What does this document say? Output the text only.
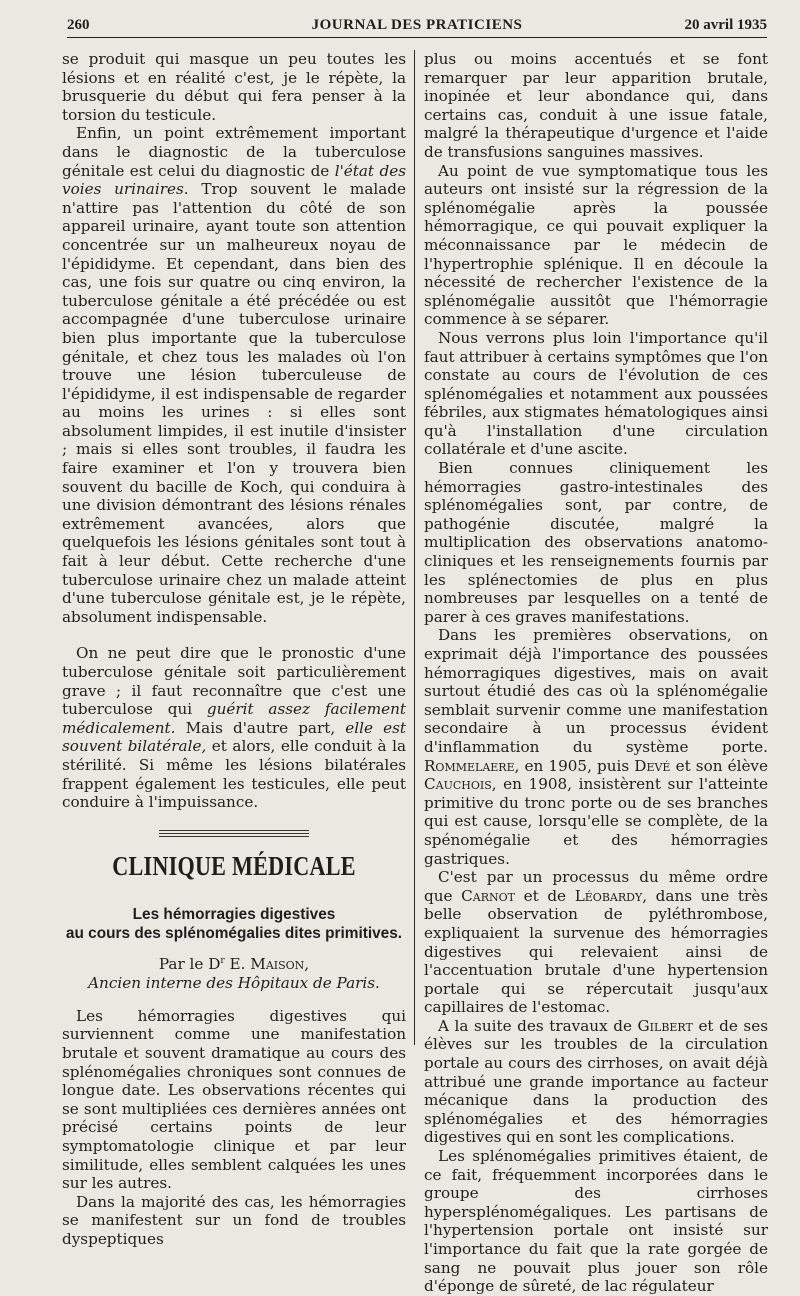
260	JOURNAL DES PRATICIENS	20 avril 1935

se produit qui masque un peu toutes les lésions et en réalité c'est, je le répète, la brusquerie du début qui fera penser à la torsion du testicule.

Enfin, un point extrêmement important dans le diagnostic de la tuberculose génitale est celui du diagnostic de l'état des voies urinaires. Trop souvent le malade n'attire pas l'attention du côté de son appareil urinaire, ayant toute son attention concentrée sur un malheureux noyau de l'épididyme. Et cependant, dans bien des cas, une fois sur quatre ou cinq environ, la tuberculose génitale a été précédée ou est accompagnée d'une tuberculose urinaire bien plus importante que la tuberculose génitale, et chez tous les malades où l'on trouve une lésion tuberculeuse de l'épididyme, il est indispensable de regarder au moins les urines : si elles sont absolument limpides, il est inutile d'insister ; mais si elles sont troubles, il faudra les faire examiner et l'on y trouvera bien souvent du bacille de Koch, qui conduira à une division démontrant des lésions rénales extrêmement avancées, alors que quelquefois les lésions génitales sont tout à fait à leur début. Cette recherche d'une tuberculose urinaire chez un malade atteint d'une tuberculose génitale est, je le répète, absolument indispensable.

On ne peut dire que le pronostic d'une tuberculose génitale soit particulièrement grave ; il faut reconnaître que c'est une tuberculose qui guérit assez facilement médicalement. Mais d'autre part, elle est souvent bilatérale, et alors, elle conduit à la stérilité. Si même les lésions bilatérales frappent également les testicules, elle peut conduire à l'impuissance.

CLINIQUE MÉDICALE
Les hémorragies digestives
au cours des splénomégalies dites primitives.
Par le $D^r$ E. Maison,
Ancien interne des Hôpitaux de Paris.

Les hémorragies digestives qui surviennent comme une manifestation brutale et souvent dramatique au cours des splénomégalies chroniques sont connues de longue date. Les observations récentes qui se sont multipliées ces dernières années ont précisé certains points de leur symptomatologie clinique et par leur similitude, elles semblent calquées les unes sur les autres.

Dans la majorité des cas, les hémorragies se manifestent sur un fond de troubles dyspeptiques

plus ou moins accentués et se font remarquer par leur apparition brutale, inopinée et leur abondance qui, dans certains cas, conduit à une issue fatale, malgré la thérapeutique d'urgence et l'aide de transfusions sanguines massives.

Au point de vue symptomatique tous les auteurs ont insisté sur la régression de la splénomégalie après la poussée hémorragique, ce qui pouvait expliquer la méconnaissance par le médecin de l'hypertrophie splénique. Il en découle la nécessité de rechercher l'existence de la splénomégalie aussitôt que l'hémorragie commence à se séparer.

Nous verrons plus loin l'importance qu'il faut attribuer à certains symptômes que l'on constate au cours de l'évolution de ces splénomégalies et notamment aux poussées fébriles, aux stigmates hématologiques ainsi qu'à l'installation d'une circulation collatérale et d'une ascite.

Bien connues cliniquement les hémorragies gastro-intestinales des splénomégalies sont, par contre, de pathogénie discutée, malgré la multiplication des observations anatomo-cliniques et les renseignements fournis par les splénectomies de plus en plus nombreuses par lesquelles on a tenté de parer à ces graves manifestations.

Dans les premières observations, on exprimait déjà l'importance des poussées hémorragiques digestives, mais on avait surtout étudié des cas où la splénomégalie semblait survenir comme une manifestation secondaire à un processus évident d'inflammation du système porte. Rommelaere, en 1905, puis Devé et son élève Cauchois, en 1908, insistèrent sur l'atteinte primitive du tronc porte ou de ses branches qui est cause, lorsqu'elle se complète, de la spénomégalie et des hémorragies gastriques.

C'est par un processus du même ordre que Carnot et de Léobardy, dans une très belle observation de pyléthrombose, expliquaient la survenue des hémorragies digestives qui relevaient ainsi de l'accentuation brutale d'une hypertension portale qui se répercutait jusqu'aux capillaires de l'estomac.

A la suite des travaux de Gilbert et de ses élèves sur les troubles de la circulation portale au cours des cirrhoses, on avait déjà attribué une grande importance au facteur mécanique dans la production des splénomégalies et des hémorragies digestives qui en sont les complications.

Les splénomégalies primitives étaient, de ce fait, fréquemment incorporées dans le groupe des cirrhoses hypersplénomégaliques. Les partisans de l'hypertension portale ont insisté sur l'importance du fait que la rate gorgée de sang ne pouvait plus jouer son rôle d'éponge de sûreté, de lac régulateur
